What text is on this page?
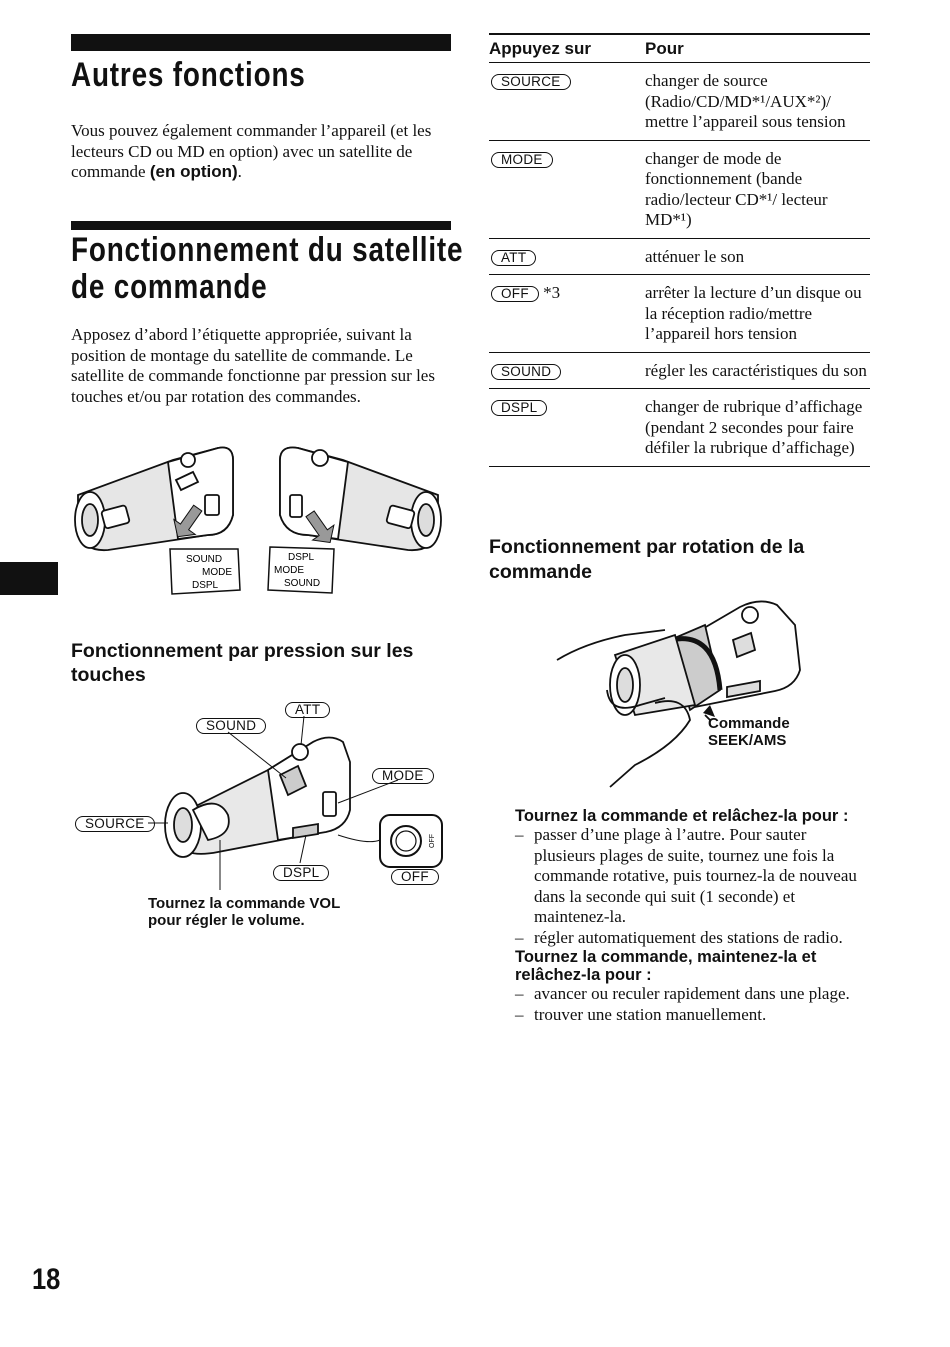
Autres fonctions
Vous pouvez également commander l’appareil (et les lecteurs CD ou MD en option) avec un satellite de commande (en option).
Fonctionnement du satellite
de commande
Apposez d’abord l’étiquette appropriée, suivant la position de montage du satellite de commande. Le satellite de commande fonctionne par pression sur les touches et/ou par rotation des commandes.
SOUND
MODE
DSPL
DSPL
MODE
SOUND
Fonctionnement par pression sur les touches
OFF
SOUND
ATT
MODE
SOURCE
DSPL	OFF
Tournez la commande VOL
pour régler le volume.
Appuyez sur	Pour
SOURCE	changer de source (Radio/CD/MD*¹/AUX*²)/ mettre l’appareil sous tension
MODE	changer de mode de fonctionnement (bande radio/lecteur CD*¹/ lecteur MD*¹)
ATT	atténuer le son
OFF *3	arrêter la lecture d’un disque ou la réception radio/mettre l’appareil hors tension
SOUND	régler les caractéristiques du son
DSPL	changer de rubrique d’affichage (pendant 2 secondes pour faire défiler la rubrique d’affichage)
Fonctionnement par rotation de la
commande
Commande
SEEK/AMS
Tournez la commande et relâchez-la pour :
– passer d’une plage à l’autre. Pour sauter plusieurs plages de suite, tournez une fois la commande rotative, puis tournez-la de nouveau dans la seconde qui suit (1 seconde) et maintenez-la.
– régler automatiquement des stations de radio.
Tournez la commande, maintenez-la et relâchez-la pour :
– avancer ou reculer rapidement dans une plage.
– trouver une station manuellement.
18
